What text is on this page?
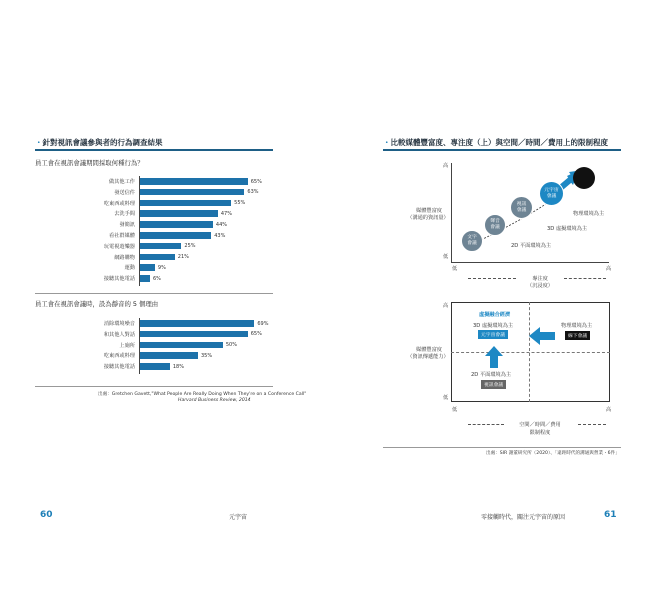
・針對視訊會議參與者的行為調查結果
員工會在視訊會議期間採取何種行為？
做其他工作	65%
發送信件	63%
吃東西或料理	55%
去洗手間	47%
發簡訊	44%
看社群媒體	43%
玩電視遊樂器	25%
網路購物	21%
運動	9%
接聽其他電話	6%
員工會在視訊會議時，設為靜音的 5 個理由
消除環境噪音	69%
和其他人對話	65%
上廁所	50%
吃東西或料理	35%
接聽其他電話	18%
出處：Gretchen Gavett,"What People Are Really Doing When They're on a Conference Call"
Harvard Business Review, 2014
60	元宇宙
・比較媒體豐富度、專注度（上）與空間／時間／費用上的限制程度
高
低
媒體豐富度
（溝通的資訊量）
低	高
專注度
（沉浸度）
文字
會議
聲音
會議
視訊
會議
元宇宙
會議
物理環境為主
3D 虛擬環境為主
2D 平面環境為主
高
低
媒體豐富度
（資訊傳遞能力）
低	高
空間／時間／費用
限制程度
虛擬融合經濟
3D 虛擬環境為主
元宇宙會議
物理環境為主
線下會議
2D 平面環境為主
視訊會議
出處：SIR 謝董研究所（2020）、「遠距時代的溝通與營業・6件」
零接觸時代，關注元宇宙的原因	61
